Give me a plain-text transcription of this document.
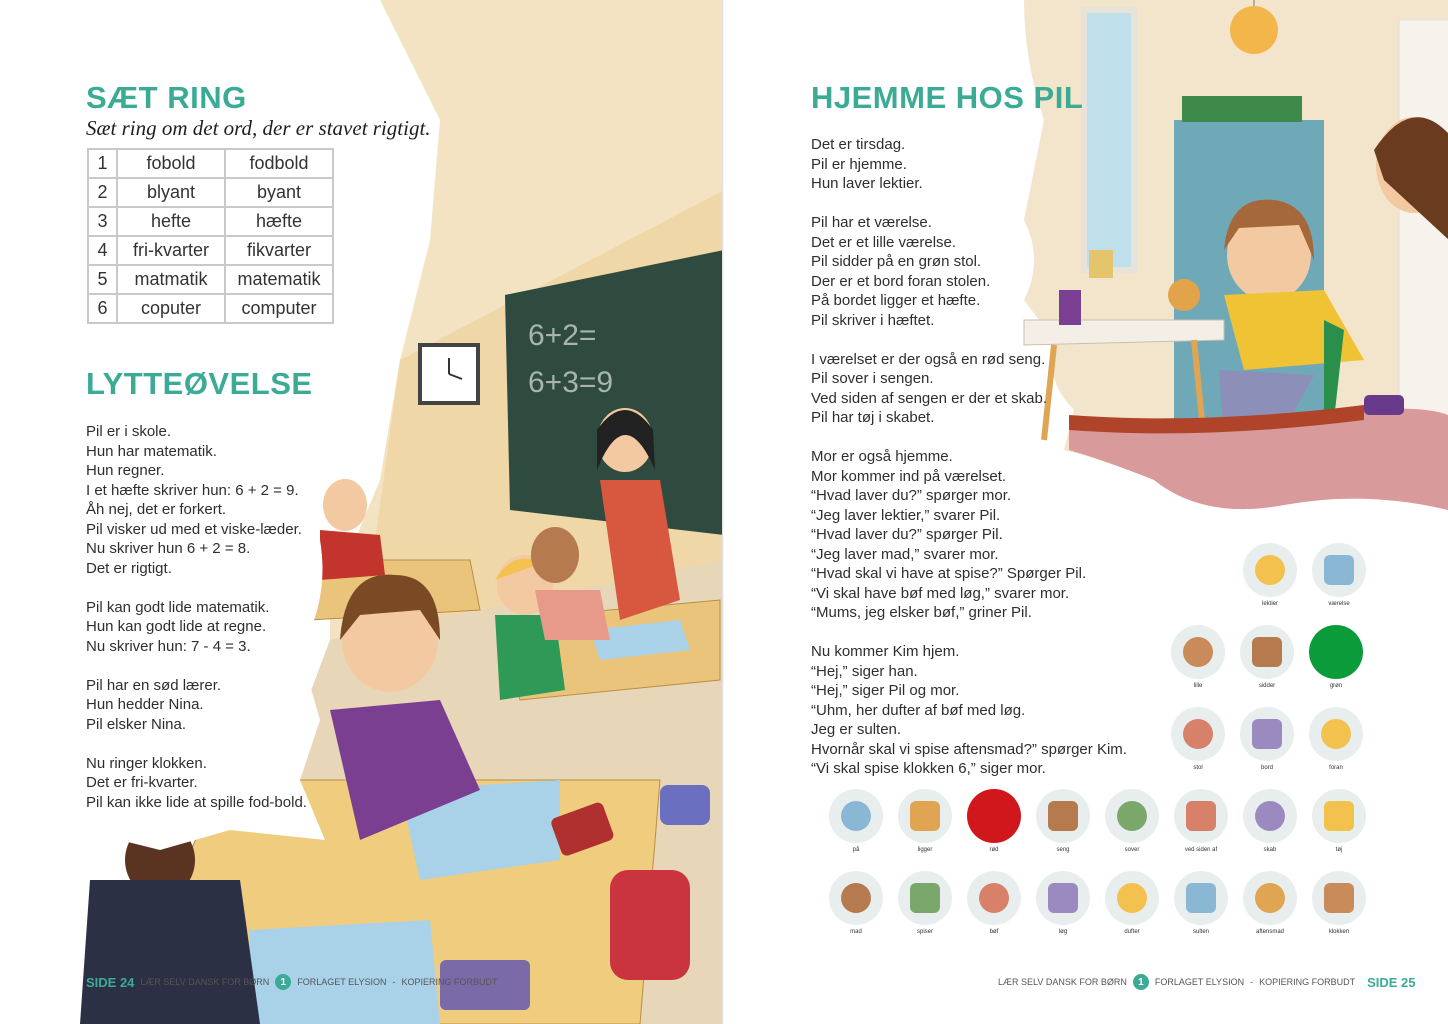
6+2=
6+3=9
SÆT RING

Sæt ring om det ord, der er stavet rigtigt.

1	fobold	fodbold
2	blyant	byant
3	hefte	hæfte
4	fri-kvarter	fikvarter
5	matmatik	matematik
6	coputer	computer
LYTTEØVELSE

Pil er i skole.
Hun har matematik.
Hun regner.
I et hæfte skriver hun: 6 + 2 = 9.
Åh nej, det er forkert.
Pil visker ud med et viske-læder.
Nu skriver hun 6 + 2 = 8.
Det er rigtigt.

Pil kan godt lide matematik.
Hun kan godt lide at regne.
Nu skriver hun: 7 - 4 = 3.

Pil har en sød lærer.
Hun hedder Nina.
Pil elsker Nina.

Nu ringer klokken.
Det er fri-kvarter.
Pil kan ikke lide at spille fod-bold.

SIDE 24 LÆR SELV DANSK FOR BØRN	1	FORLAGET ELYSION - KOPIERING FORBUDT
HJEMME HOS PIL

Det er tirsdag.
Pil er hjemme.
Hun laver lektier.

Pil har et værelse.
Det er et lille værelse.
Pil sidder på en grøn stol.
Der er et bord foran stolen.
På bordet ligger et hæfte.
Pil skriver i hæftet.

I værelset er der også en rød seng.
Pil sover i sengen.
Ved siden af sengen er der et skab.
Pil har tøj i skabet.

Mor er også hjemme.
Mor kommer ind på værelset.
“Hvad laver du?” spørger mor.
“Jeg laver lektier,” svarer Pil.
“Hvad laver du?” spørger Pil.
“Jeg laver mad,” svarer mor.
“Hvad skal vi have at spise?” Spørger Pil.
“Vi skal have bøf med løg,” svarer mor.
“Mums, jeg elsker bøf,” griner Pil.

Nu kommer Kim hjem.
“Hej,” siger han.
“Hej,” siger Pil og mor.
“Uhm, her dufter af bøf med løg.
Jeg er sulten.
Hvornår skal vi spise aftensmad?” spørger Kim.
“Vi skal spise klokken 6,” siger mor.

lektier	værelse
lille	sidder	grøn
stol	bord	foran
på	ligger	rød	seng	sover	ved siden af	skab	tøj
mad	spiser	bøf	løg	dufter	sulten	aftensmad	klokken
LÆR SELV DANSK FOR BØRN	1	FORLAGET ELYSION - KOPIERING FORBUDT SIDE 25
